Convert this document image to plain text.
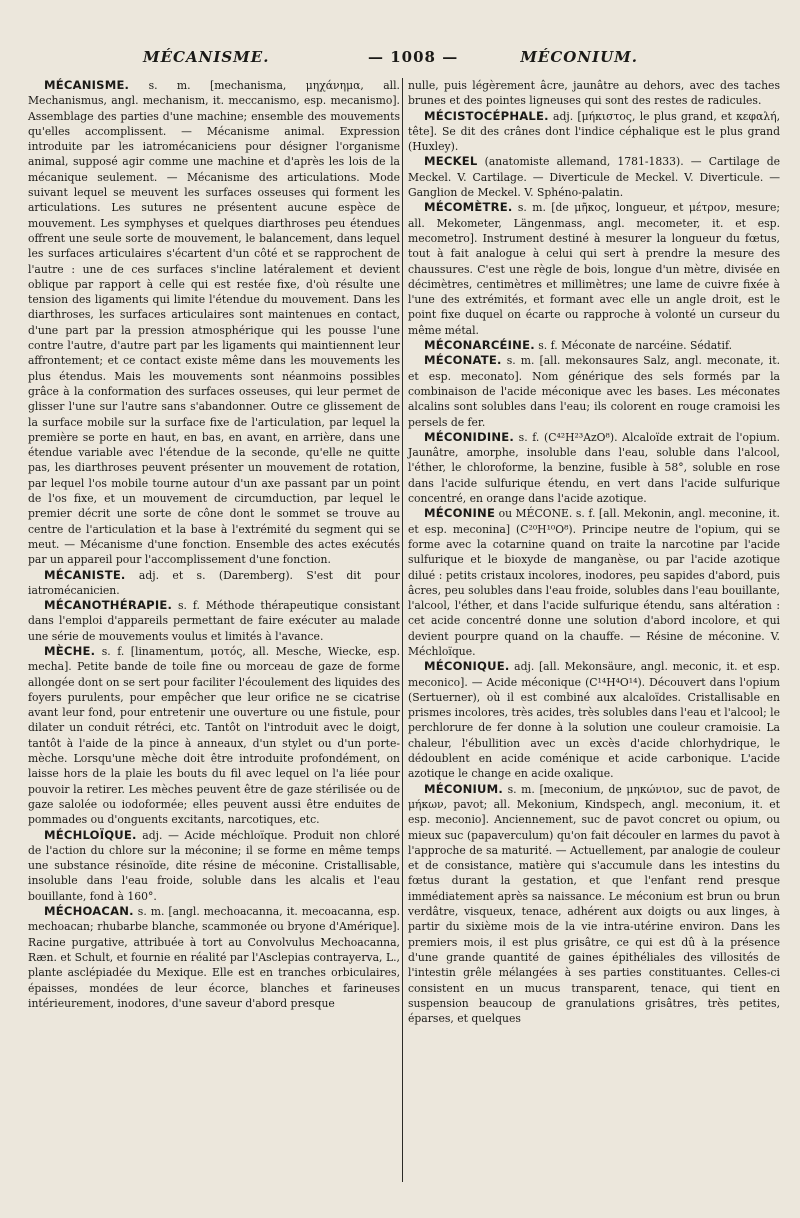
MÉCANISME.	— 1008 —	MÉCONIUM.

MÉCANISME. s. m. [mechanisma, μηχάνημα, all. Mechanismus, angl. mechanism, it. meccanismo, esp. mecanismo]. Assemblage des parties d'une machine; ensemble des mouvements qu'elles accomplissent. — Mécanisme animal. Expression introduite par les iatromécaniciens pour désigner l'organisme animal, supposé agir comme une machine et d'après les lois de la mécanique seulement. — Mécanisme des articulations. Mode suivant lequel se meuvent les surfaces osseuses qui forment les articulations. Les sutures ne présentent aucune espèce de mouvement. Les symphyses et quelques diarthroses peu étendues offrent une seule sorte de mouvement, le balancement, dans lequel les surfaces articulaires s'écartent d'un côté et se rapprochent de l'autre : une de ces surfaces s'incline latéralement et devient oblique par rapport à celle qui est restée fixe, d'où résulte une tension des ligaments qui limite l'étendue du mouvement. Dans les diarthroses, les surfaces articulaires sont maintenues en contact, d'une part par la pression atmosphérique qui les pousse l'une contre l'autre, d'autre part par les ligaments qui maintiennent leur affrontement; et ce contact existe même dans les mouvements les plus étendus. Mais les mouvements sont néanmoins possibles grâce à la conformation des surfaces osseuses, qui leur permet de glisser l'une sur l'autre sans s'abandonner. Outre ce glissement de la surface mobile sur la surface fixe de l'articulation, par lequel la première se porte en haut, en bas, en avant, en arrière, dans une étendue variable avec l'étendue de la seconde, qu'elle ne quitte pas, les diarthroses peuvent présenter un mouvement de rotation, par lequel l'os mobile tourne autour d'un axe passant par un point de l'os fixe, et un mouvement de circumduction, par lequel le premier décrit une sorte de cône dont le sommet se trouve au centre de l'articulation et la base à l'extrémité du segment qui se meut. — Mécanisme d'une fonction. Ensemble des actes exécutés par un appareil pour l'accomplissement d'une fonction.

MÉCANISTE. adj. et s. (Daremberg). S'est dit pour iatromécanicien.

MÉCANOTHÉRAPIE. s. f. Méthode thérapeutique consistant dans l'emploi d'appareils permettant de faire exécuter au malade une série de mouvements voulus et limités à l'avance.

MÈCHE. s. f. [linamentum, μοτός, all. Mesche, Wiecke, esp. mecha]. Petite bande de toile fine ou morceau de gaze de forme allongée dont on se sert pour faciliter l'écoulement des liquides des foyers purulents, pour empêcher que leur orifice ne se cicatrise avant leur fond, pour entretenir une ouverture ou une fistule, pour dilater un conduit rétréci, etc. Tantôt on l'introduit avec le doigt, tantôt à l'aide de la pince à anneaux, d'un stylet ou d'un porte-mèche. Lorsqu'une mèche doit être introduite profondément, on laisse hors de la plaie les bouts du fil avec lequel on l'a liée pour pouvoir la retirer. Les mèches peuvent être de gaze stérilisée ou de gaze salolée ou iodoformée; elles peuvent aussi être enduites de pommades ou d'onguents excitants, narcotiques, etc.

MÉCHLOÏQUE. adj. — Acide méchloïque. Produit non chloré de l'action du chlore sur la méconine; il se forme en même temps une substance résinoïde, dite résine de méconine. Cristallisable, insoluble dans l'eau froide, soluble dans les alcalis et l'eau bouillante, fond à 160°.

MÉCHOACAN. s. m. [angl. mechoacanna, it. mecoacanna, esp. mechoacan; rhubarbe blanche, scammonée ou bryone d'Amérique]. Racine purgative, attribuée à tort au Convolvulus Mechoacanna, Ræn. et Schult, et fournie en réalité par l'Asclepias contrayerva, L., plante asclépiadée du Mexique. Elle est en tranches orbiculaires, épaisses, mondées de leur écorce, blanches et farineuses intérieurement, inodores, d'une saveur d'abord presque

nulle, puis légèrement âcre, jaunâtre au dehors, avec des taches brunes et des pointes ligneuses qui sont des restes de radicules.

MÉCISTOCÉPHALE. adj. [μήκιστος, le plus grand, et κεφαλή, tête]. Se dit des crânes dont l'indice céphalique est le plus grand (Huxley).

MECKEL (anatomiste allemand, 1781-1833). — Cartilage de Meckel. V. Cartilage. — Diverticule de Meckel. V. Diverticule. — Ganglion de Meckel. V. Sphéno-palatin.

MÉCOMÈTRE. s. m. [de μῆκος, longueur, et μέτρον, mesure; all. Mekometer, Längenmass, angl. mecometer, it. et esp. mecometro]. Instrument destiné à mesurer la longueur du fœtus, tout à fait analogue à celui qui sert à prendre la mesure des chaussures. C'est une règle de bois, longue d'un mètre, divisée en décimètres, centimètres et millimètres; une lame de cuivre fixée à l'une des extrémités, et formant avec elle un angle droit, est le point fixe duquel on écarte ou rapproche à volonté un curseur du même métal.

MÉCONARCÉINE. s. f. Méconate de narcéine. Sédatif.

MÉCONATE. s. m. [all. mekonsaures Salz, angl. meconate, it. et esp. meconato]. Nom générique des sels formés par la combinaison de l'acide méconique avec les bases. Les méconates alcalins sont solubles dans l'eau; ils colorent en rouge cramoisi les persels de fer.

MÉCONIDINE. s. f. (C⁴²H²³AzO⁸). Alcaloïde extrait de l'opium. Jaunâtre, amorphe, insoluble dans l'eau, soluble dans l'alcool, l'éther, le chloroforme, la benzine, fusible à 58°, soluble en rose dans l'acide sulfurique étendu, en vert dans l'acide sulfurique concentré, en orange dans l'acide azotique.

MÉCONINE ou MÉCONE. s. f. [all. Mekonin, angl. meconine, it. et esp. meconina] (C²⁰H¹⁰O⁸). Principe neutre de l'opium, qui se forme avec la cotarnine quand on traite la narcotine par l'acide sulfurique et le bioxyde de manganèse, ou par l'acide azotique dilué : petits cristaux incolores, inodores, peu sapides d'abord, puis âcres, peu solubles dans l'eau froide, solubles dans l'eau bouillante, l'alcool, l'éther, et dans l'acide sulfurique étendu, sans altération : cet acide concentré donne une solution d'abord incolore, et qui devient pourpre quand on la chauffe. — Résine de méconine. V. Méchloïque.

MÉCONIQUE. adj. [all. Mekonsäure, angl. meconic, it. et esp. meconico]. — Acide méconique (C¹⁴H⁴O¹⁴). Découvert dans l'opium (Sertuerner), où il est combiné aux alcaloïdes. Cristallisable en prismes incolores, très acides, très solubles dans l'eau et l'alcool; le perchlorure de fer donne à la solution une couleur cramoisie. La chaleur, l'ébullition avec un excès d'acide chlorhydrique, le dédoublent en acide coménique et acide carbonique. L'acide azotique le change en acide oxalique.

MÉCONIUM. s. m. [meconium, de μηκώνιον, suc de pavot, de μήκων, pavot; all. Mekonium, Kindspech, angl. meconium, it. et esp. meconio]. Anciennement, suc de pavot concret ou opium, ou mieux suc (papaverculum) qu'on fait découler en larmes du pavot à l'approche de sa maturité. — Actuellement, par analogie de couleur et de consistance, matière qui s'accumule dans les intestins du fœtus durant la gestation, et que l'enfant rend presque immédiatement après sa naissance. Le méconium est brun ou brun verdâtre, visqueux, tenace, adhérent aux doigts ou aux linges, à partir du sixième mois de la vie intra-utérine environ. Dans les premiers mois, il est plus grisâtre, ce qui est dû à la présence d'une grande quantité de gaines épithéliales des villosités de l'intestin grêle mélangées à ses parties constituantes. Celles-ci consistent en un mucus transparent, tenace, qui tient en suspension beaucoup de granulations grisâtres, très petites, éparses, et quelques
